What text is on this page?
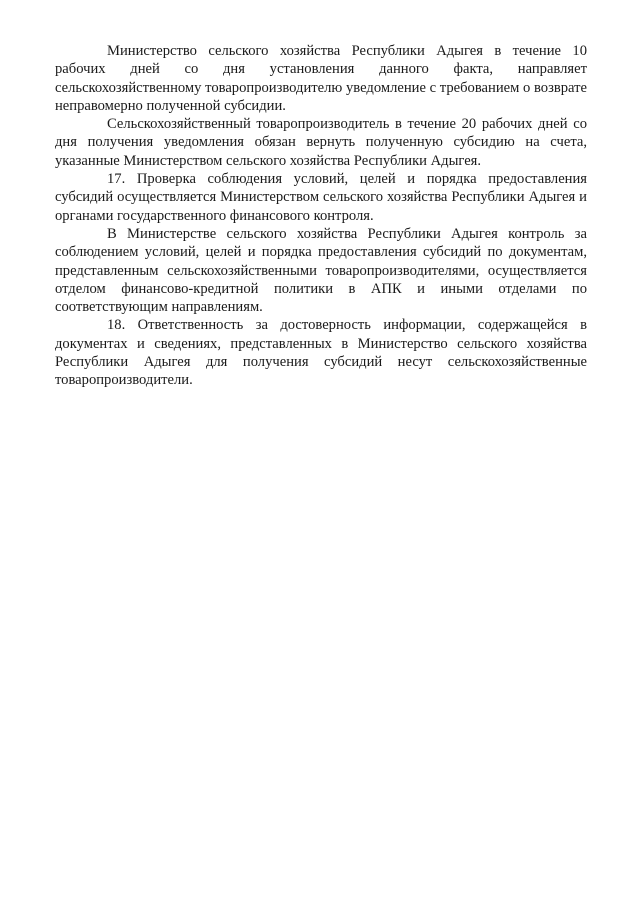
Министерство сельского хозяйства Республики Адыгея в течение 10 рабочих дней со дня установления данного факта, направляет сельскохозяйственному товаропроизводителю уведомление с требованием о возврате неправомерно полученной субсидии.

Сельскохозяйственный товаропроизводитель в течение 20 рабочих дней со дня получения уведомления обязан вернуть полученную субсидию на счета, указанные Министерством сельского хозяйства Республики Адыгея.

17. Проверка соблюдения условий, целей и порядка предоставления субсидий осуществляется Министерством сельского хозяйства Республики Адыгея и органами государственного финансового контроля.

В Министерстве сельского хозяйства Республики Адыгея контроль за соблюдением условий, целей и порядка предоставления субсидий по документам, представленным сельскохозяйственными товаропроизводителями, осуществляется отделом финансово-кредитной политики в АПК и иными отделами по соответствующим направлениям.

18. Ответственность за достоверность информации, содержащейся в документах и сведениях, представленных в Министерство сельского хозяйства Республики Адыгея для получения субсидий несут сельскохозяйственные товаропроизводители.
